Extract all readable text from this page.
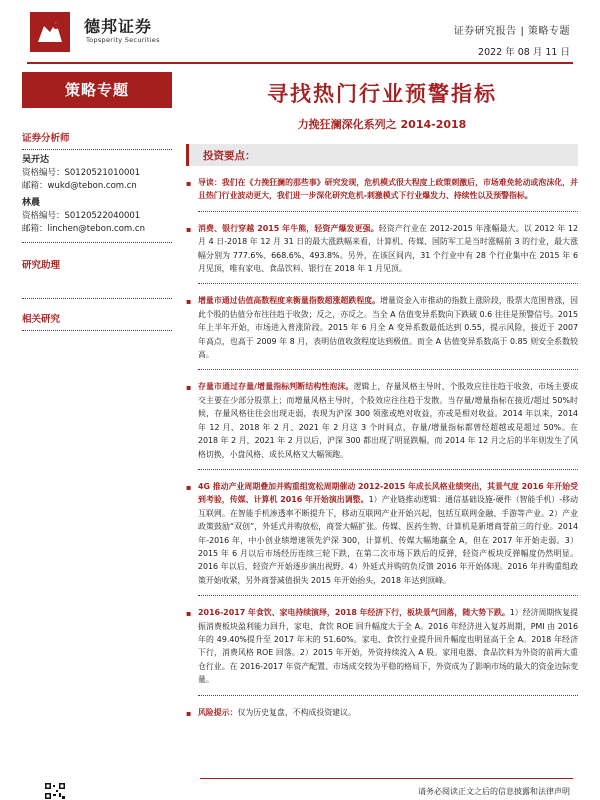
德邦证券
Topsperity Securities
证券研究报告 | 策略专题
2022 年 08 月 11 日
策略专题
证券分析师
吴开达
资格编号：S0120521010001
邮箱：wukd@tebon.com.cn
林晨
资格编号：S0120522040001
邮箱：linchen@tebon.com.cn
研究助理
相关研究
寻找热门行业预警指标
力挽狂澜深化系列之 2014-2018
投资要点：
▪ 导读：我们在《力挽狂澜的那些事》研究发现，危机模式很大程度上政策刺激后，市场难免轮动或泡沫化，并且热门行业波动更大，我们进一步深化研究危机-刺激模式下行业爆发力、持续性以及预警指标。
▪ 消费、银行穿越 2015 年牛熊，轻资产爆发更强。轻资产行业在 2012-2015 年涨幅最大。以 2012 年 12 月 4 日-2018 年 12 月 31 日的最大涨跌幅来看，计算机、传媒、国防军工是当时涨幅前 3 的行业，最大涨幅分别为 777.6%、668.6%、493.8%。另外，在该区间内，31 个行业中有 28 个行业集中在 2015 年 6 月见顶，唯有家电、食品饮料、银行在 2018 年 1 月见顶。
▪ 增量市通过估值高数程度来衡量指数超涨超跌程度。增量资金入市推动的指数上涨阶段，股票大范围普涨，因此个股的估值分布往往趋于收敛；反之，亦反之。当全 A 估值变异系数向下跌破 0.6 往往是预警信号。2015 年上半年开始，市场进入普涨阶段。2015 年 6 月全 A 变异系数最低达到 0.55，提示风险，接近于 2007 年高点，也高于 2009 年 8 月，表明估值收敛程度达到极值。而全 A 估值变异系数高于 0.85 则安全系数较高。
▪ 存量市通过存量/增量指标判断结构性泡沫。逻辑上，存量风格主导时，个股效应往往趋于收敛，市场主要成交主要在少部分股票上；而增量风格主导时，个股效应往往趋于发散。当存量/增量指标在接近/超过 50%时候，存量风格往往会出现走弱，表现为沪深 300 领涨或绝对收益，亦或是相对收益。2014 年以来，2014 年 12 月、2018 年 2 月、2021 年 2 月这 3 个时间点，存量/增量指标都曾经超越或是超过 50%。在 2018 年 2 月，2021 年 2 月以后，沪深 300 都出现了明显跌幅，而 2014 年 12 月之后的半年则发生了风格切换，小盘风格、成长风格又大幅领跑。
▪ 4G 推动产业周期叠加并购重组宽松周期催动 2012-2015 年成长风格业绩突出，其景气度 2016 年开始受到考验，传媒、计算机 2016 年开始演出调整。1）产业链推动逻辑：通信基础设施-硬件（智能手机）-移动互联网。在智能手机渗透率不断提升下，移动互联网产业开始兴起，包括互联网金融、手游等产业。2）产业政策鼓励“双创”，外延式并购放松，商誉大幅扩张。传媒、医药生物、计算机是新增商誉前三的行业。2014 年-2016 年，中小创业绩增速领先沪深 300，计算机、传媒大幅地赢全 A，但在 2017 年开始走弱。3）2015 年 6 月以后市场经历连续三轮下跌，在第二次市场下跌后的反弹，轻资产板块反弹幅度仍然明显。2016 年以后，轻资产开始逐步演出视野。4）外延式并购的负反馈 2016 年开始体现。2016 年并购重组政策开始收紧，另外商誉减值损失 2015 年开始抬头，2018 年达到顶峰。
▪ 2016-2017 年食饮、家电持续演绎，2018 年经济下行，板块景气回落，随大势下跌。1）经济周期恢复提振消费板块盈利能力回升，家电、食饮 ROE 回升幅度大于全 A。2016 年经济进入复苏周期，PMI 由 2016 年的 49.40%提升至 2017 年末的 51.60%。家电、食饮行业提升回升幅度也明显高于全 A。2018 年经济下行，消费风格 ROE 回落。2）2015 年开始，外资持续流入 A 股。家用电器、食品饮料为外资的前两大重仓行业。在 2016-2017 年资产配置、市场成交较为平稳的格局下，外资成为了影响市场的最大的资金边际变量。
▪ 风险提示：仅为历史复盘，不构成投资建议。
请务必阅读正文之后的信息披露和法律声明
